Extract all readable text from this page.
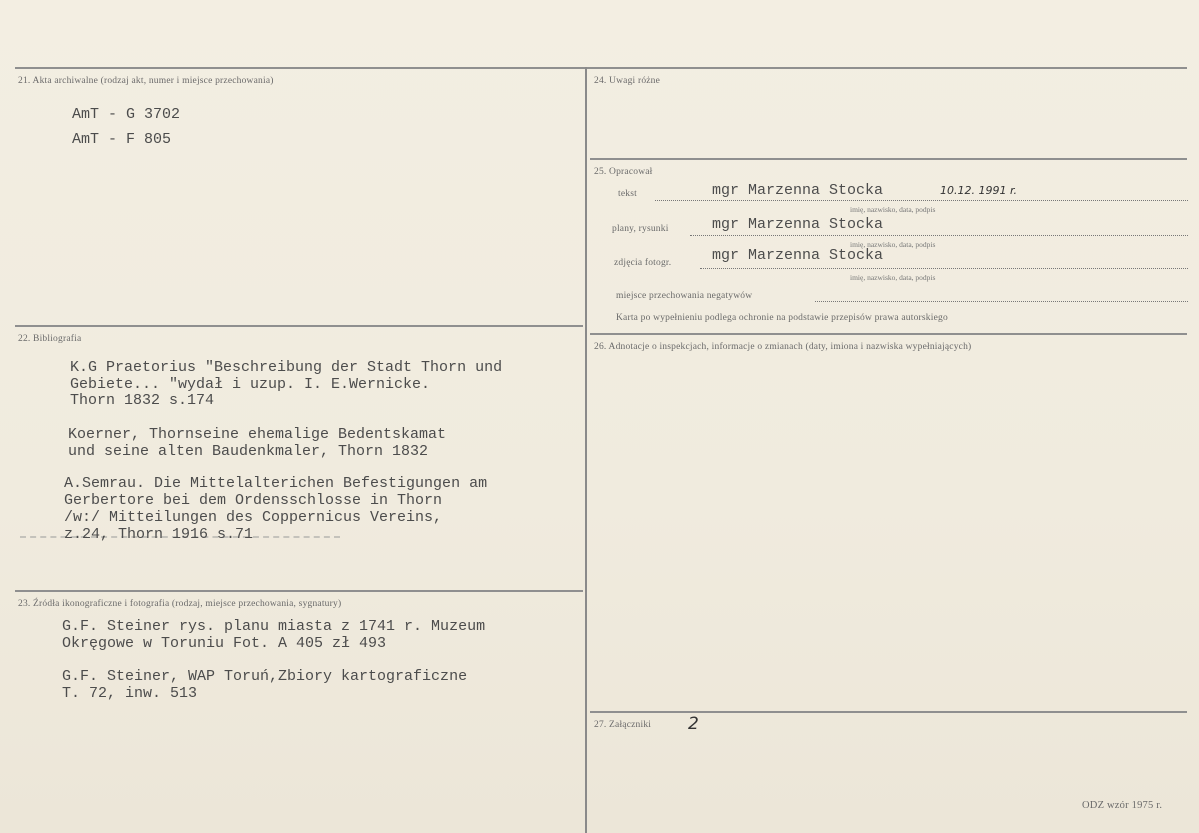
21. Akta archiwalne (rodzaj akt, numer i miejsce przechowania)
AmT - G 3702
AmT - F 805
22. Bibliografia
K.G Praetorius "Beschreibung der Stadt Thorn und
Gebiete... "wydał i uzup. I. E.Wernicke.
Thorn 1832 s.174
Koerner, Thornseine ehemalige Bedentskamat
und seine alten Baudenkmaler, Thorn 1832
A.Semrau. Die Mittelalterichen Befestigungen am
Gerbertore bei dem Ordensschlosse in Thorn
/w:/ Mitteilungen des Coppernicus Vereins,
z.24, Thorn 1916 s.71
23. Źródła ikonograficzne i fotografia (rodzaj, miejsce przechowania, sygnatury)
G.F. Steiner rys. planu miasta z 1741 r. Muzeum
Okręgowe w Toruniu Fot. A 405 zł 493
G.F. Steiner, WAP Toruń,Zbiory kartograficzne
T. 72, inw. 513
24. Uwagi różne
25. Opracował
tekst	mgr Marzenna Stocka	10.12. 1991 r.
imię, nazwisko, data, podpis
plany, rysunki	mgr Marzenna Stocka
imię, nazwisko, data, podpis
zdjęcia fotogr.	mgr Marzenna Stocka
imię, nazwisko, data, podpis
miejsce przechowania negatywów
Karta po wypełnieniu podlega ochronie na podstawie przepisów prawa autorskiego
26. Adnotacje o inspekcjach, informacje o zmianach (daty, imiona i nazwiska wypełniających)
27. Załączniki 2
ODZ wzór 1975 r.
